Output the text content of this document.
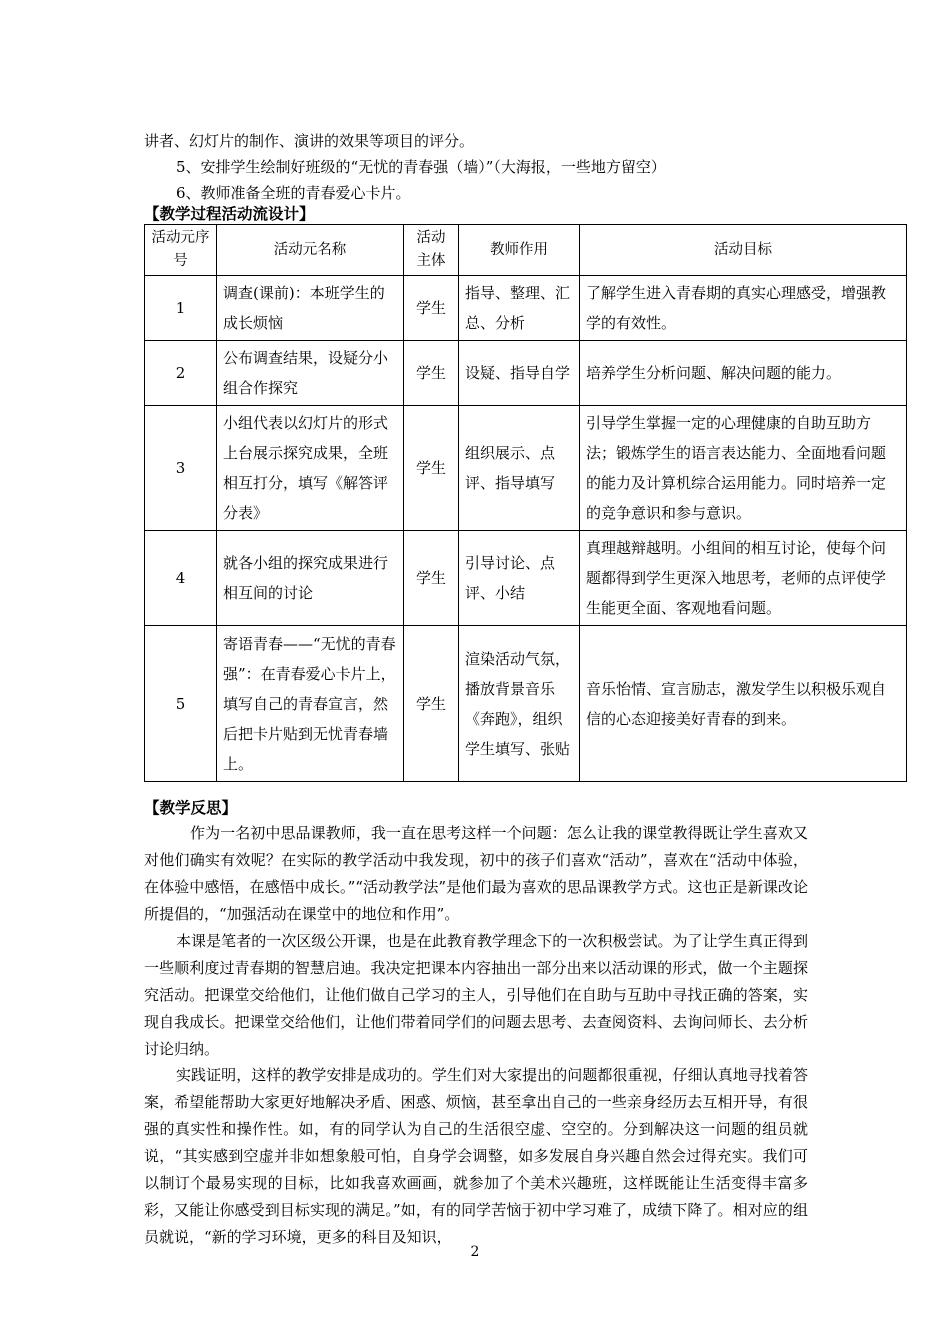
讲者、幻灯片的制作、演讲的效果等项目的评分。

5、安排学生绘制好班级的“无忧的青春强（墙）”（大海报，一些地方留空）

6、教师准备全班的青春爱心卡片。

【教学过程活动流设计】

活动元序号	活动元名称	活动主体	教师作用	活动目标
1	调查(课前)：本班学生的成长烦恼	学生	指导、整理、汇总、分析	了解学生进入青春期的真实心理感受，增强教学的有效性。
2	公布调查结果，设疑分小组合作探究	学生	设疑、指导自学	培养学生分析问题、解决问题的能力。
3	小组代表以幻灯片的形式上台展示探究成果，全班相互打分，填写《解答评分表》	学生	组织展示、点评、指导填写	引导学生掌握一定的心理健康的自助互助方法；锻炼学生的语言表达能力、全面地看问题的能力及计算机综合运用能力。同时培养一定的竞争意识和参与意识。
4	就各小组的探究成果进行相互间的讨论	学生	引导讨论、点评、小结	真理越辩越明。小组间的相互讨论，使每个问题都得到学生更深入地思考，老师的点评使学生能更全面、客观地看问题。
5	寄语青春——“无忧的青春强”：在青春爱心卡片上，填写自己的青春宣言，然后把卡片贴到无忧青春墙上。	学生	渲染活动气氛，播放背景音乐《奔跑》，组织学生填写、张贴	音乐怡情、宣言励志，激发学生以积极乐观自信的心态迎接美好青春的到来。

【教学反思】

作为一名初中思品课教师，我一直在思考这样一个问题：怎么让我的课堂教得既让学生喜欢又对他们确实有效呢？在实际的教学活动中我发现，初中的孩子们喜欢“活动”，喜欢在“活动中体验，在体验中感悟，在感悟中成长。”“活动教学法”是他们最为喜欢的思品课教学方式。这也正是新课改论所提倡的，“加强活动在课堂中的地位和作用”。

本课是笔者的一次区级公开课，也是在此教育教学理念下的一次积极尝试。为了让学生真正得到一些顺利度过青春期的智慧启迪。我决定把课本内容抽出一部分出来以活动课的形式，做一个主题探究活动。把课堂交给他们，让他们做自己学习的主人，引导他们在自助与互助中寻找正确的答案，实现自我成长。把课堂交给他们，让他们带着同学们的问题去思考、去查阅资料、去询问师长、去分析讨论归纳。

实践证明，这样的教学安排是成功的。学生们对大家提出的问题都很重视，仔细认真地寻找着答案，希望能帮助大家更好地解决矛盾、困惑、烦恼，甚至拿出自己的一些亲身经历去互相开导，有很强的真实性和操作性。如，有的同学认为自己的生活很空虚、空空的。分到解决这一问题的组员就说，“其实感到空虚并非如想象般可怕，自身学会调整，如多发展自身兴趣自然会过得充实。我们可以制订个最易实现的目标，比如我喜欢画画，就参加了个美术兴趣班，这样既能让生活变得丰富多彩，又能让你感受到目标实现的满足。”如，有的同学苦恼于初中学习难了，成绩下降了。相对应的组员就说，“新的学习环境，更多的科目及知识，

2
